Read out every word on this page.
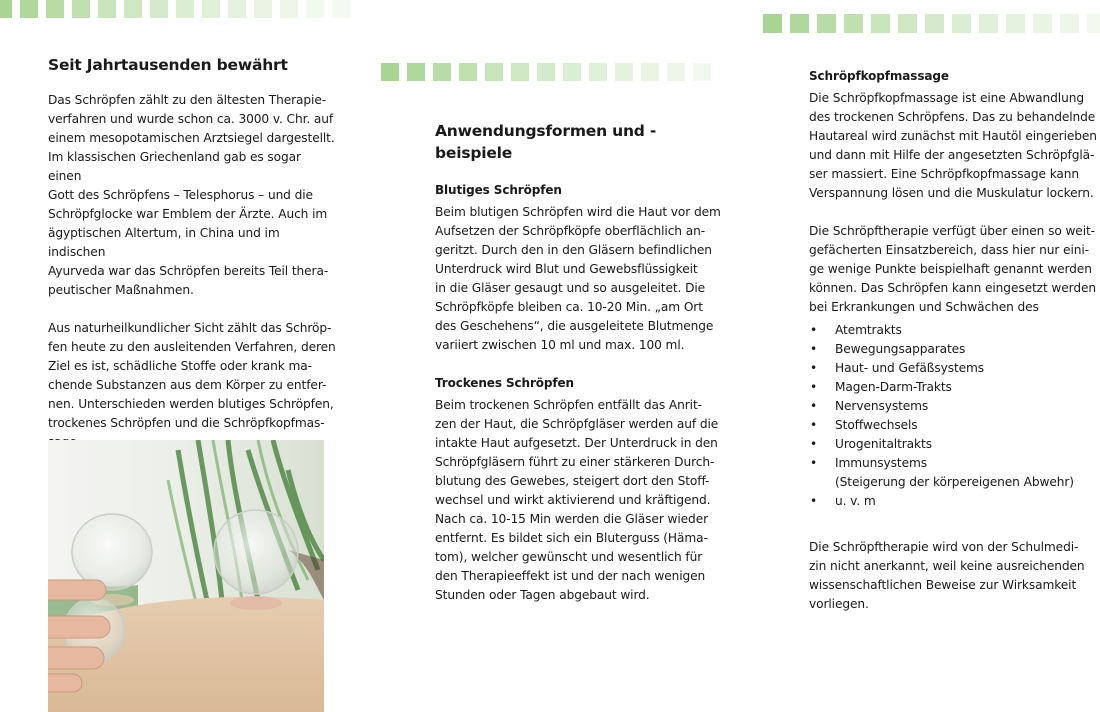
Seit Jahrtausenden bewährt

Das Schröpfen zählt zu den ältesten Therapie-
verfahren und wurde schon ca. 3000 v. Chr. auf
einem mesopotamischen Arztsiegel dargestellt.
Im klassischen Griechenland gab es sogar einen
Gott des Schröpfens – Telesphorus – und die
Schröpfglocke war Emblem der Ärzte. Auch im
ägyptischen Altertum, in China und im indischen
Ayurveda war das Schröpfen bereits Teil thera-
peutischer Maßnahmen.

Aus naturheilkundlicher Sicht zählt das Schröp-
fen heute zu den ausleitenden Verfahren, deren
Ziel es ist, schädliche Stoffe oder krank ma-
chende Substanzen aus dem Körper zu entfer-
nen. Unterschieden werden blutiges Schröpfen,
trockenes Schröpfen und die Schröpfkopfmas-

Anwendungsformen und -beispiele
Blutiges Schröpfen

Beim blutigen Schröpfen wird die Haut vor dem
Aufsetzen der Schröpfköpfe oberflächlich an-
geritzt. Durch den in den Gläsern befindlichen
Unterdruck wird Blut und Gewebsflüssigkeit
in die Gläser gesaugt und so ausgeleitet. Die
Schröpfköpfe bleiben ca. 10-20 Min. „am Ort
des Geschehens“, die ausgeleitete Blutmenge
variiert zwischen 10 ml und max. 100 ml.

Trockenes Schröpfen

Beim trockenen Schröpfen entfällt das Anrit-
zen der Haut, die Schröpfgläser werden auf die
intakte Haut aufgesetzt. Der Unterdruck in den
Schröpfgläsern führt zu einer stärkeren Durch-
blutung des Gewebes, steigert dort den Stoff-
wechsel und wirkt aktivierend und kräftigend.
Nach ca. 10-15 Min werden die Gläser wieder
entfernt. Es bildet sich ein Bluterguss (Häma-
tom), welcher gewünscht und wesentlich für
den Therapieeffekt ist und der nach wenigen
Stunden oder Tagen abgebaut wird.

Schröpfkopfmassage

Die Schröpfkopfmassage ist eine Abwandlung
des trockenen Schröpfens. Das zu behandelnde
Hautareal wird zunächst mit Hautöl eingerieben
und dann mit Hilfe der angesetzten Schröpfglä-
ser massiert. Eine Schröpfkopfmassage kann
Verspannung lösen und die Muskulatur lockern.

Die Schröpftherapie verfügt über einen so weit-
gefächerten Einsatzbereich, dass hier nur eini-
ge wenige Punkte beispielhaft genannt werden
können. Das Schröpfen kann eingesetzt werden
bei Erkrankungen und Schwächen des

• Atemtrakts
• Bewegungsapparates
• Haut- und Gefäßsystems
• Magen-Darm-Trakts
• Nervensystems
• Stoffwechsels
• Urogenitaltrakts
• Immunsystems
(Steigerung der körpereigenen Abwehr)
• u. v. m

Die Schröpftherapie wird von der Schulmedi-
zin nicht anerkannt, weil keine ausreichenden
wissenschaftlichen Beweise zur Wirksamkeit
vorliegen.
